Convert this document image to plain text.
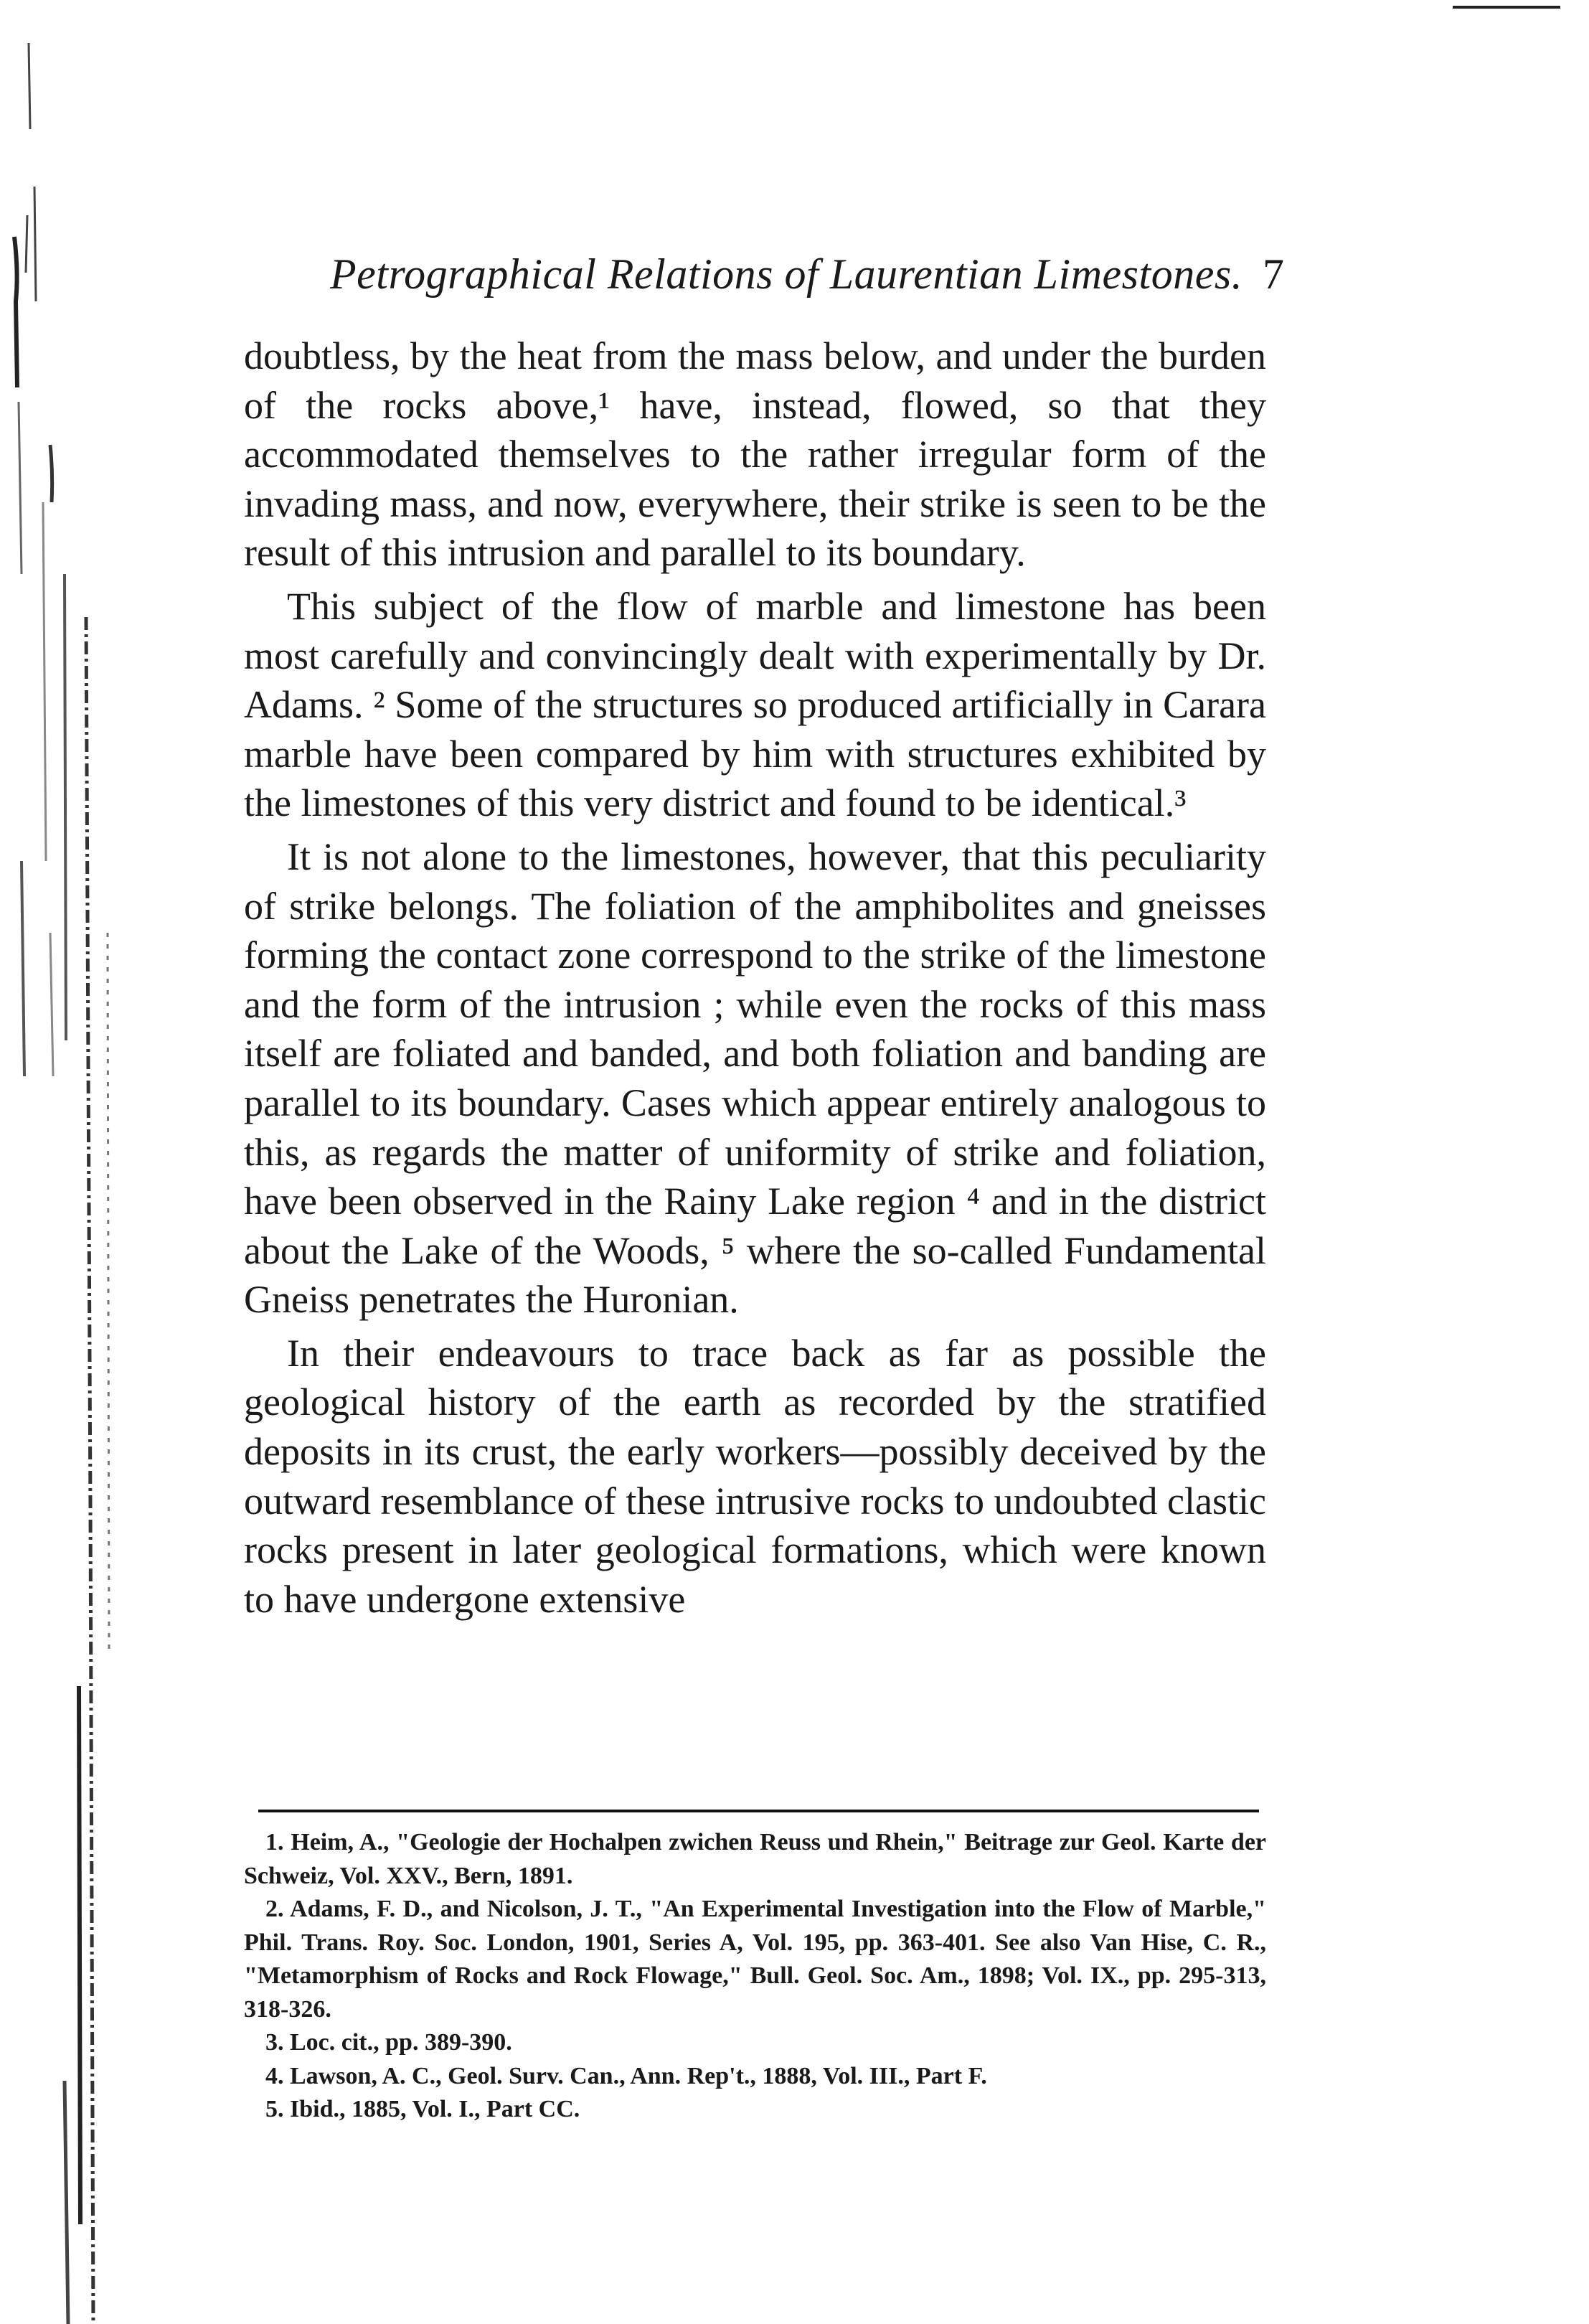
Petrographical Relations of Laurentian Limestones. 7

doubtless, by the heat from the mass below, and under the burden of the rocks above,¹ have, instead, flowed, so that they accommodated themselves to the rather irregular form of the invading mass, and now, everywhere, their strike is seen to be the result of this intrusion and parallel to its boundary.

This subject of the flow of marble and limestone has been most carefully and convincingly dealt with experimentally by Dr. Adams. ² Some of the structures so produced artificially in Carara marble have been compared by him with structures exhibited by the limestones of this very district and found to be identical.³

It is not alone to the limestones, however, that this peculiarity of strike belongs. The foliation of the amphibolites and gneisses forming the contact zone correspond to the strike of the limestone and the form of the intrusion ; while even the rocks of this mass itself are foliated and banded, and both foliation and banding are parallel to its boundary. Cases which appear entirely analogous to this, as regards the matter of uniformity of strike and foliation, have been observed in the Rainy Lake region ⁴ and in the district about the Lake of the Woods, ⁵ where the so-called Fundamental Gneiss penetrates the Huronian.

In their endeavours to trace back as far as possible the geological history of the earth as recorded by the stratified deposits in its crust, the early workers—possibly deceived by the outward resemblance of these intrusive rocks to undoubted clastic rocks present in later geological formations, which were known to have undergone extensive

1. Heim, A., "Geologie der Hochalpen zwichen Reuss und Rhein," Beitrage zur Geol. Karte der Schweiz, Vol. XXV., Bern, 1891.

2. Adams, F. D., and Nicolson, J. T., "An Experimental Investigation into the Flow of Marble," Phil. Trans. Roy. Soc. London, 1901, Series A, Vol. 195, pp. 363-401. See also Van Hise, C. R., "Metamorphism of Rocks and Rock Flowage," Bull. Geol. Soc. Am., 1898; Vol. IX., pp. 295-313, 318-326.

3. Loc. cit., pp. 389-390.

4. Lawson, A. C., Geol. Surv. Can., Ann. Rep't., 1888, Vol. III., Part F.

5. Ibid., 1885, Vol. I., Part CC.
